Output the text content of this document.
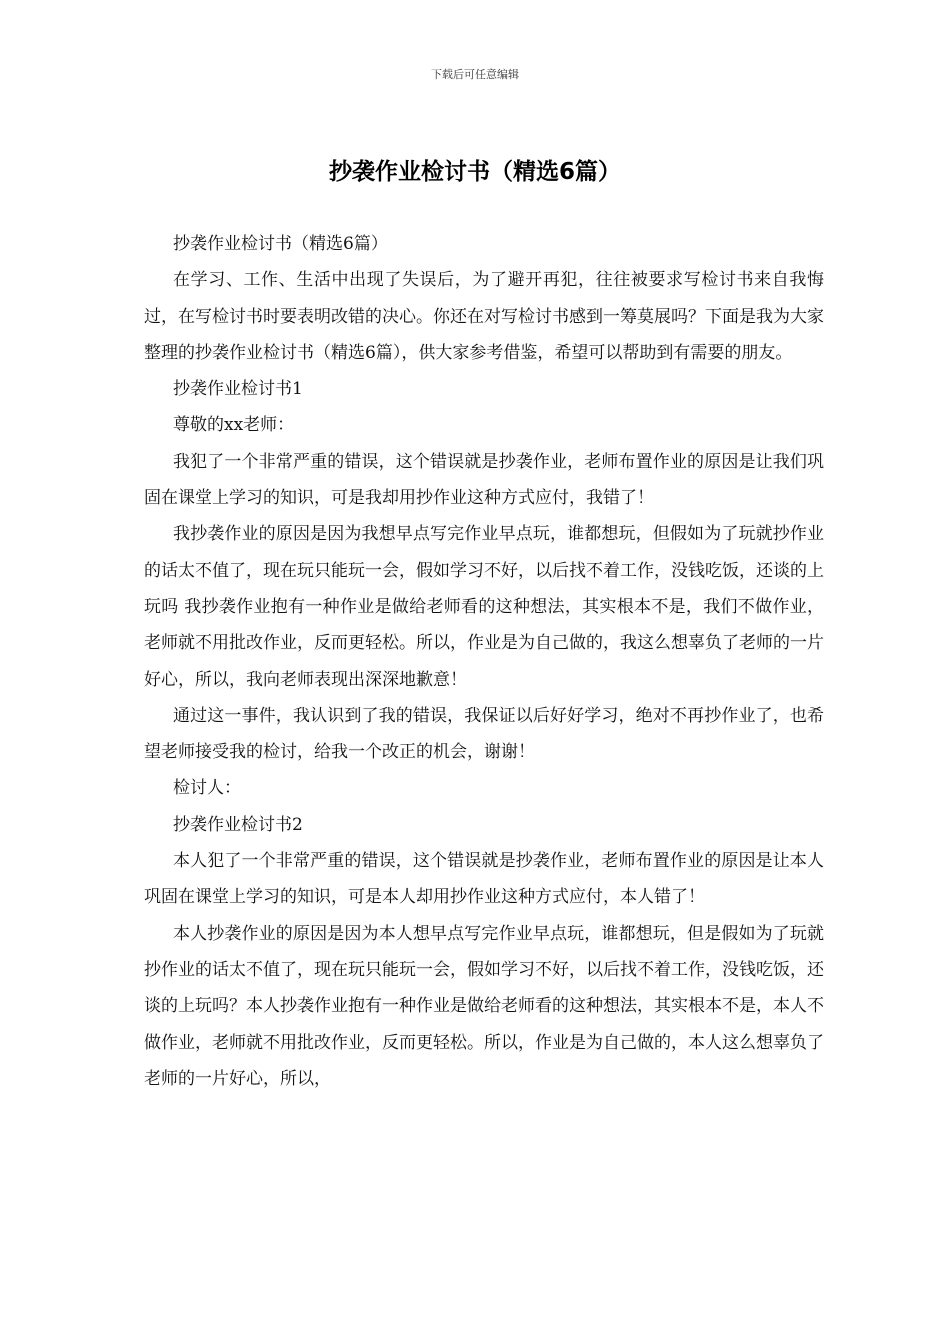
下载后可任意编辑
抄袭作业检讨书（精选6篇）

抄袭作业检讨书（精选6篇）

在学习、工作、生活中出现了失误后，为了避开再犯，往往被要求写检讨书来自我悔过，在写检讨书时要表明改错的决心。你还在对写检讨书感到一筹莫展吗？下面是我为大家整理的抄袭作业检讨书（精选6篇），供大家参考借鉴，希望可以帮助到有需要的朋友。

抄袭作业检讨书1

尊敬的xx老师：

我犯了一个非常严重的错误，这个错误就是抄袭作业，老师布置作业的原因是让我们巩固在课堂上学习的知识，可是我却用抄作业这种方式应付，我错了！

我抄袭作业的原因是因为我想早点写完作业早点玩，谁都想玩，但假如为了玩就抄作业的话太不值了，现在玩只能玩一会，假如学习不好，以后找不着工作，没钱吃饭，还谈的上玩吗 我抄袭作业抱有一种作业是做给老师看的这种想法，其实根本不是，我们不做作业，老师就不用批改作业，反而更轻松。所以，作业是为自己做的，我这么想辜负了老师的一片好心，所以，我向老师表现出深深地歉意！

通过这一事件，我认识到了我的错误，我保证以后好好学习，绝对不再抄作业了，也希望老师接受我的检讨，给我一个改正的机会，谢谢！

检讨人：

抄袭作业检讨书2

本人犯了一个非常严重的错误，这个错误就是抄袭作业，老师布置作业的原因是让本人巩固在课堂上学习的知识，可是本人却用抄作业这种方式应付，本人错了！

本人抄袭作业的原因是因为本人想早点写完作业早点玩，谁都想玩，但是假如为了玩就抄作业的话太不值了，现在玩只能玩一会，假如学习不好，以后找不着工作，没钱吃饭，还谈的上玩吗？本人抄袭作业抱有一种作业是做给老师看的这种想法，其实根本不是，本人不做作业，老师就不用批改作业，反而更轻松。所以，作业是为自己做的，本人这么想辜负了老师的一片好心，所以，
